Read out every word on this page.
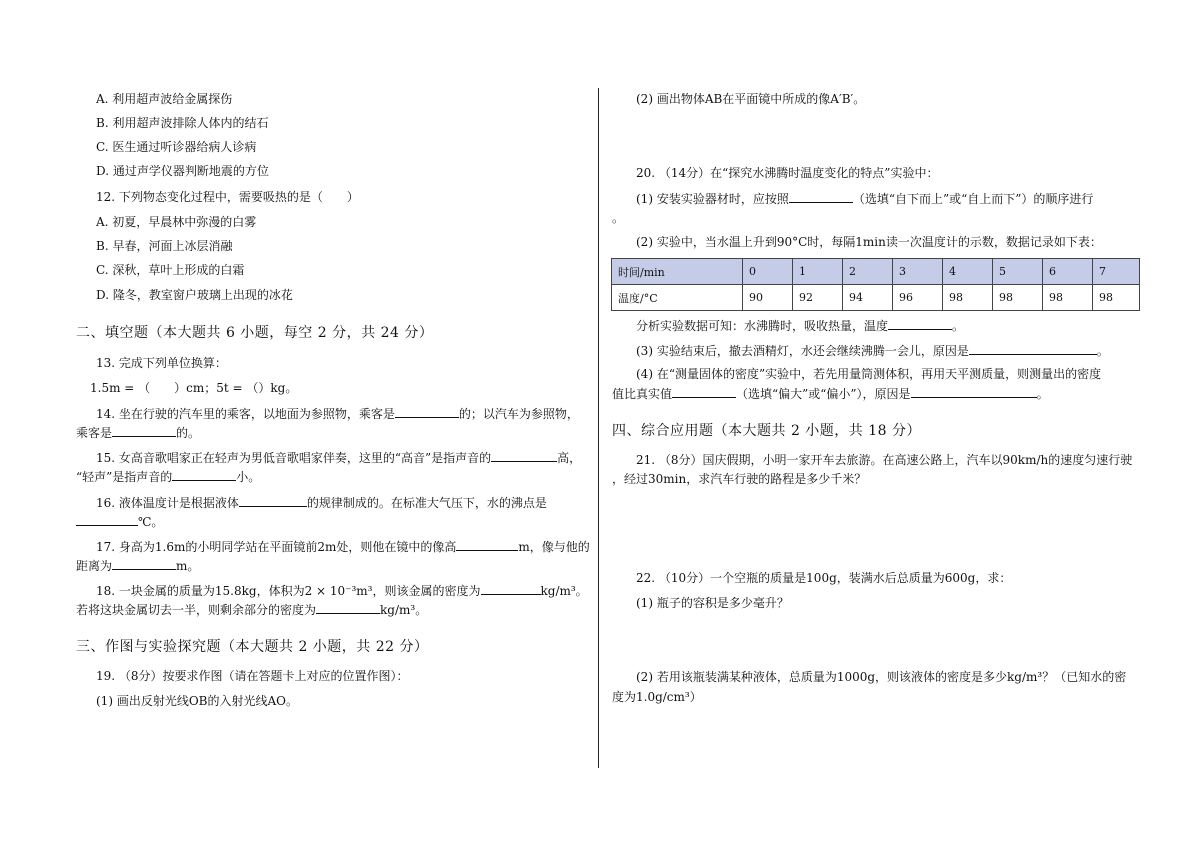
A. 利用超声波给金属探伤
B. 利用超声波排除人体内的结石
C. 医生通过听诊器给病人诊病
D. 通过声学仪器判断地震的方位
12. 下列物态变化过程中，需要吸热的是（　　）
A. 初夏，早晨林中弥漫的白雾
B. 早春，河面上冰层消融
C. 深秋，草叶上形成的白霜
D. 隆冬，教室窗户玻璃上出现的冰花
二、填空题（本大题共 6 小题，每空 2 分，共 24 分）
13. 完成下列单位换算：
1.5m = （　　）cm；5t = （）kg。
14. 坐在行驶的汽车里的乘客，以地面为参照物，乘客是	的；以汽车为参照物，
乘客是	的。
15. 女高音歌唱家正在轻声为男低音歌唱家伴奏，这里的“高音”是指声音的	高，
“轻声”是指声音的	小。
16. 液体温度计是根据液体	的规律制成的。在标准大气压下，水的沸点是
℃。
17. 身高为1.6m的小明同学站在平面镜前2m处，则他在镜中的像高	m，像与他的
距离为	m。
18. 一块金属的质量为15.8kg，体积为2 × 10⁻³m³，则该金属的密度为	kg/m³。
若将这块金属切去一半，则剩余部分的密度为	kg/m³。
三、作图与实验探究题（本大题共 2 小题，共 22 分）
19. （8分）按要求作图（请在答题卡上对应的位置作图）：
(1) 画出反射光线OB的入射光线AO。
(2) 画出物体AB在平面镜中所成的像A′B′。
20. （14分）在“探究水沸腾时温度变化的特点”实验中：
(1) 安装实验器材时，应按照	（选填“自下而上”或“自上而下”）的顺序进行
。
(2) 实验中，当水温上升到90°C时，每隔1min读一次温度计的示数，数据记录如下表：
时间/min	0	1	2	3	4	5	6	7
温度/°C	90	92	94	96	98	98	98	98
分析实验数据可知：水沸腾时，吸收热量，温度	。
(3) 实验结束后，撤去酒精灯，水还会继续沸腾一会儿，原因是	。
(4) 在“测量固体的密度”实验中，若先用量筒测体积，再用天平测质量，则测量出的密度
值比真实值	（选填“偏大”或“偏小”），原因是	。
四、综合应用题（本大题共 2 小题，共 18 分）
21. （8分）国庆假期，小明一家开车去旅游。在高速公路上，汽车以90km/h的速度匀速行驶
，经过30min，求汽车行驶的路程是多少千米？
22. （10分）一个空瓶的质量是100g，装满水后总质量为600g，求：
(1) 瓶子的容积是多少毫升？
(2) 若用该瓶装满某种液体，总质量为1000g，则该液体的密度是多少kg/m³？（已知水的密
度为1.0g/cm³）
